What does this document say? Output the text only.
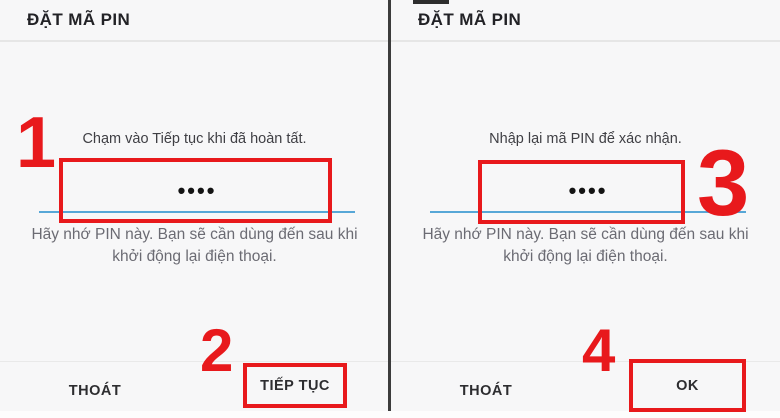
ĐẶT MÃ PIN
Chạm vào Tiếp tục khi đã hoàn tất.
••••
Hãy nhớ PIN này. Bạn sẽ cần dùng đến sau khi
khởi động lại điện thoại.
THOÁT	TIẾP TỤC
1
2
ĐẶT MÃ PIN
Nhập lại mã PIN để xác nhận.
••••
Hãy nhớ PIN này. Bạn sẽ cần dùng đến sau khi
khởi động lại điện thoại.
THOÁT	OK
3
4
